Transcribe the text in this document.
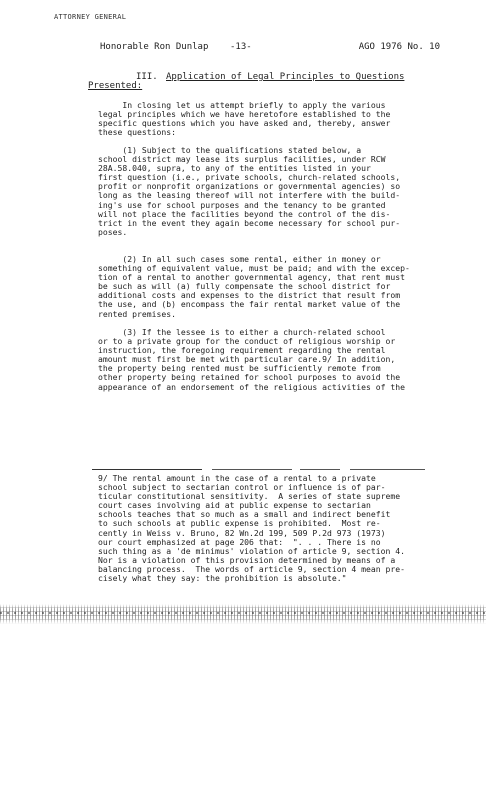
ATTORNEY GENERAL
Honorable Ron Dunlap -13-	AGO 1976 No. 10
III. Application of Legal Principles to Questions
Presented:
In closing let us attempt briefly to apply the various
legal principles which we have heretofore established to the
specific questions which you have asked and, thereby, answer
these questions:
(1) Subject to the qualifications stated below, a
school district may lease its surplus facilities, under RCW
28A.58.040, supra, to any of the entities listed in your
first question (i.e., private schools, church-related schools,
profit or nonprofit organizations or governmental agencies) so
long as the leasing thereof will not interfere with the build-
ing's use for school purposes and the tenancy to be granted
will not place the facilities beyond the control of the dis-
trict in the event they again become necessary for school pur-
poses.
(2) In all such cases some rental, either in money or
something of equivalent value, must be paid; and with the excep-
tion of a rental to another governmental agency, that rent must
be such as will (a) fully compensate the school district for
additional costs and expenses to the district that result from
the use, and (b) encompass the fair rental market value of the
rented premises.
(3) If the lessee is to either a church-related school
or to a private group for the conduct of religious worship or
instruction, the foregoing requirement regarding the rental
amount must first be met with particular care.9/ In addition,
the property being rented must be sufficiently remote from
other property being retained for school purposes to avoid the
appearance of an endorsement of the religious activities of the
9/ The rental amount in the case of a rental to a private
school subject to sectarian control or influence is of par-
ticular constitutional sensitivity.  A series of state supreme
court cases involving aid at public expense to sectarian
schools teaches that so much as a small and indirect benefit
to such schools at public expense is prohibited.  Most re-
cently in Weiss v. Bruno, 82 Wn.2d 199, 509 P.2d 973 (1973)
our court emphasized at page 206 that:  ". . . There is no
such thing as a 'de minimus' violation of article 9, section 4.
Nor is a violation of this provision determined by means of a
balancing process.  The words of article 9, section 4 mean pre-
cisely what they say: the prohibition is absolute."
